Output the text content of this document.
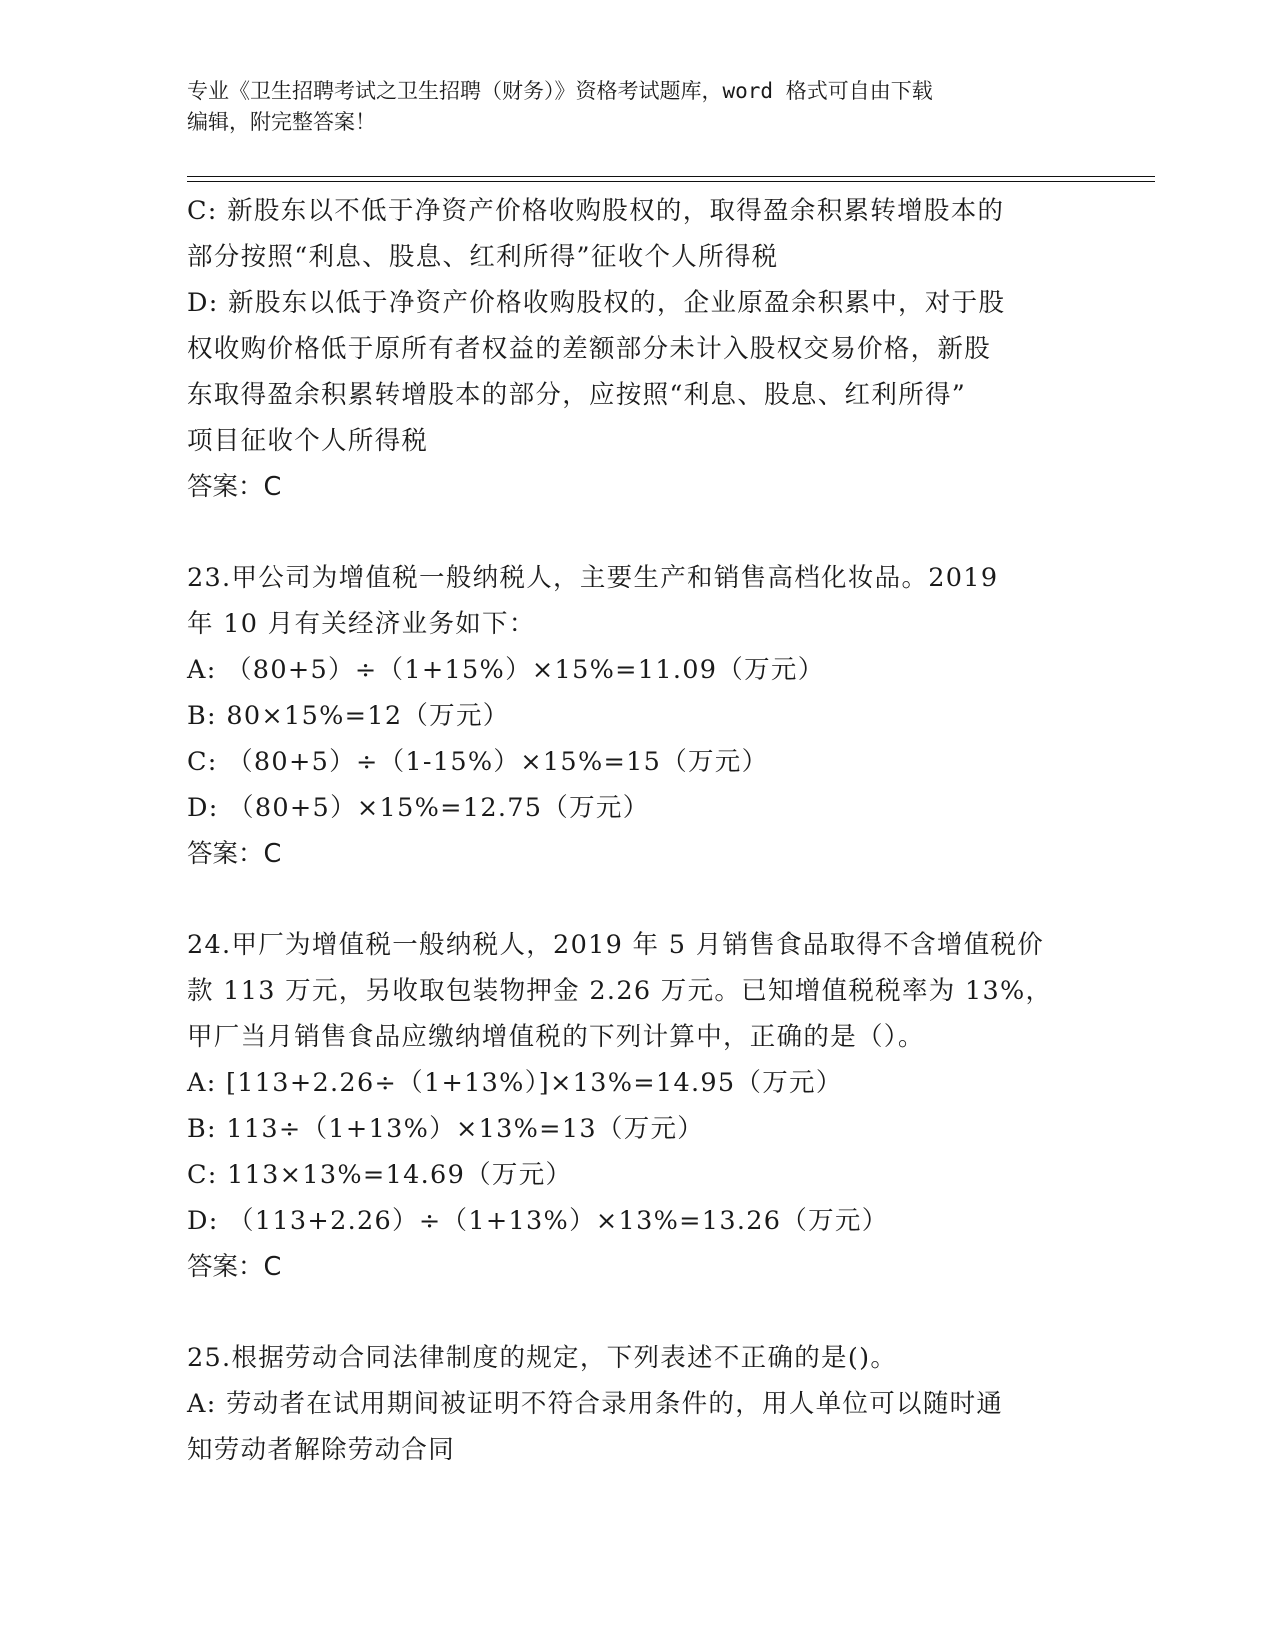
专业《卫生招聘考试之卫生招聘（财务）》资格考试题库，word 格式可自由下载
编辑，附完整答案！
C: 新股东以不低于净资产价格收购股权的，取得盈余积累转增股本的
部分按照“利息、股息、红利所得”征收个人所得税
D: 新股东以低于净资产价格收购股权的，企业原盈余积累中，对于股
权收购价格低于原所有者权益的差额部分未计入股权交易价格，新股
东取得盈余积累转增股本的部分，应按照“利息、股息、红利所得”
项目征收个人所得税
答案：C
23.甲公司为增值税一般纳税人，主要生产和销售高档化妆品。2019
年 10 月有关经济业务如下：
A: （80+5）÷（1+15%）×15%=11.09（万元）
B: 80×15%=12（万元）
C: （80+5）÷（1-15%）×15%=15（万元）
D: （80+5）×15%=12.75（万元）
答案：C
24.甲厂为增值税一般纳税人，2019 年 5 月销售食品取得不含增值税价
款 113 万元，另收取包装物押金 2.26 万元。已知增值税税率为 13%，
甲厂当月销售食品应缴纳增值税的下列计算中，正确的是（）。
A: [113+2.26÷（1+13%）]×13%=14.95（万元）
B: 113÷（1+13%）×13%=13（万元）
C: 113×13%=14.69（万元）
D: （113+2.26）÷（1+13%）×13%=13.26（万元）
答案：C
25.根据劳动合同法律制度的规定，下列表述不正确的是()。
A: 劳动者在试用期间被证明不符合录用条件的，用人单位可以随时通
知劳动者解除劳动合同
